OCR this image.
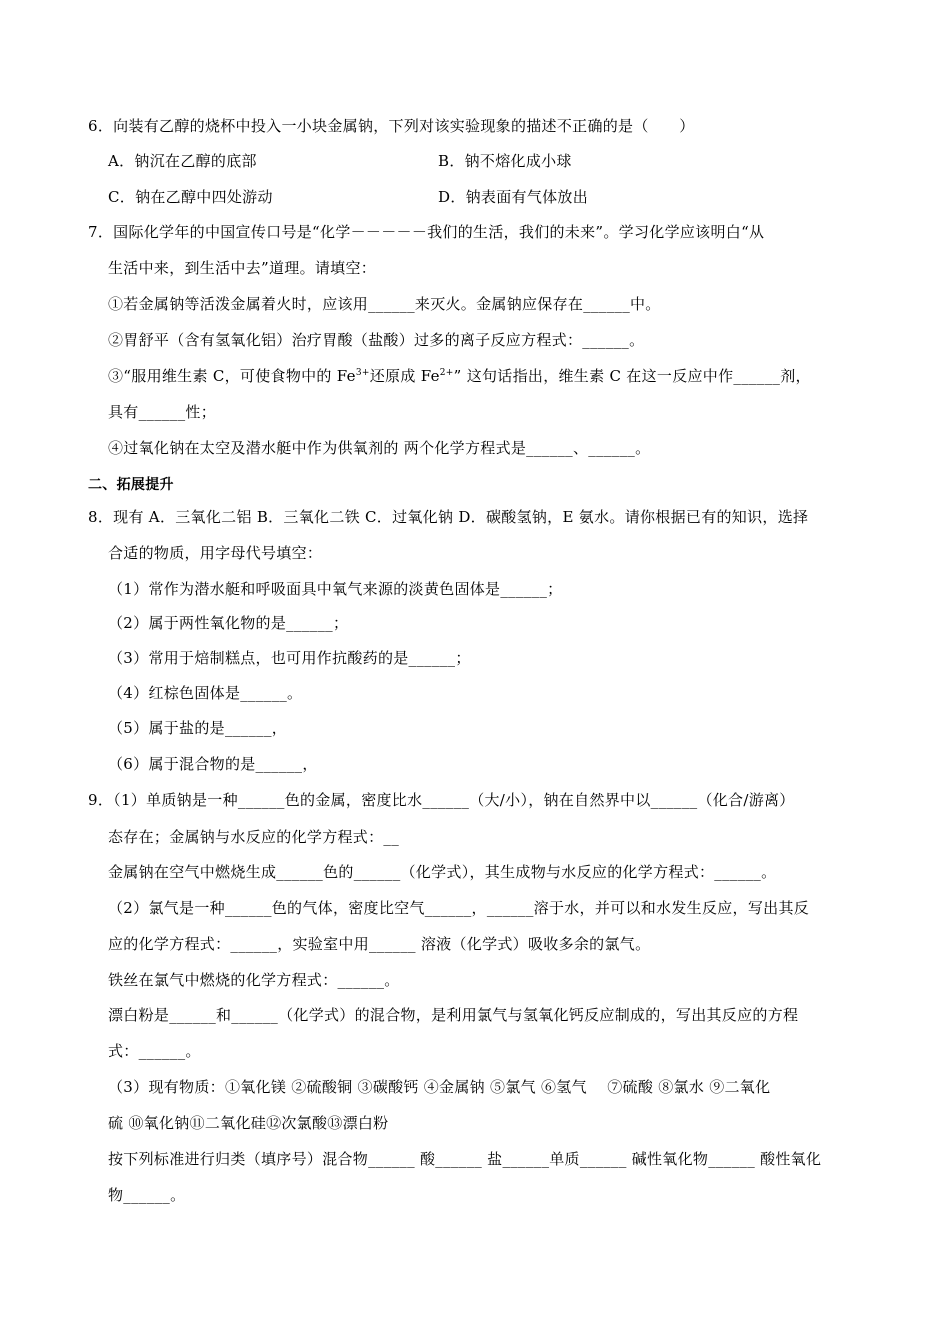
6．向装有乙醇的烧杯中投入一小块金属钠，下列对该实验现象的描述不正确的是（　　）
A．钠沉在乙醇的底部	B．钠不熔化成小球
C．钠在乙醇中四处游动	D．钠表面有气体放出
7．国际化学年的中国宣传口号是“化学－－－－－我们的生活，我们的未来”。学习化学应该明白“从
生活中来，到生活中去”道理。请填空：
①若金属钠等活泼金属着火时，应该用______来灭火。金属钠应保存在______中。
②胃舒平（含有氢氧化铝）治疗胃酸（盐酸）过多的离子反应方程式：______。
③“服用维生素 C，可使食物中的 $Fe^{3+}$还原成 $Fe^{2+}$” 这句话指出，维生素 C 在这一反应中作______剂，
具有______性；
④过氧化钠在太空及潜水艇中作为供氧剂的 两个化学方程式是______、______。
二、拓展提升
8．现有 A．三氧化二铝 B．三氧化二铁 C．过氧化钠 D．碳酸氢钠，E 氨水。请你根据已有的知识，选择
合适的物质，用字母代号填空：
（1）常作为潜水艇和呼吸面具中氧气来源的淡黄色固体是______；
（2）属于两性氧化物的是______；
（3）常用于焙制糕点，也可用作抗酸药的是______；
（4）红棕色固体是______。
（5）属于盐的是______，
（6）属于混合物的是______，
9．（1）单质钠是一种______色的金属，密度比水______（大/小），钠在自然界中以______（化合/游离）
态存在；金属钠与水反应的化学方程式：__
金属钠在空气中燃烧生成______色的______（化学式），其生成物与水反应的化学方程式：______。
（2）氯气是一种______色的气体，密度比空气______，______溶于水，并可以和水发生反应，写出其反
应的化学方程式：______，实验室中用______ 溶液（化学式）吸收多余的氯气。
铁丝在氯气中燃烧的化学方程式：______。
漂白粉是______和______（化学式）的混合物，是利用氯气与氢氧化钙反应制成的，写出其反应的方程
式：______。
（3）现有物质：①氧化镁 ②硫酸铜 ③碳酸钙 ④金属钠 ⑤氯气 ⑥氢气　 ⑦硫酸 ⑧氯水 ⑨二氧化
硫 ⑩氧化钠⑪二氧化硅⑫次氯酸⑬漂白粉
按下列标准进行归类（填序号）混合物______ 酸______ 盐______单质______ 碱性氧化物______ 酸性氧化
物______。
